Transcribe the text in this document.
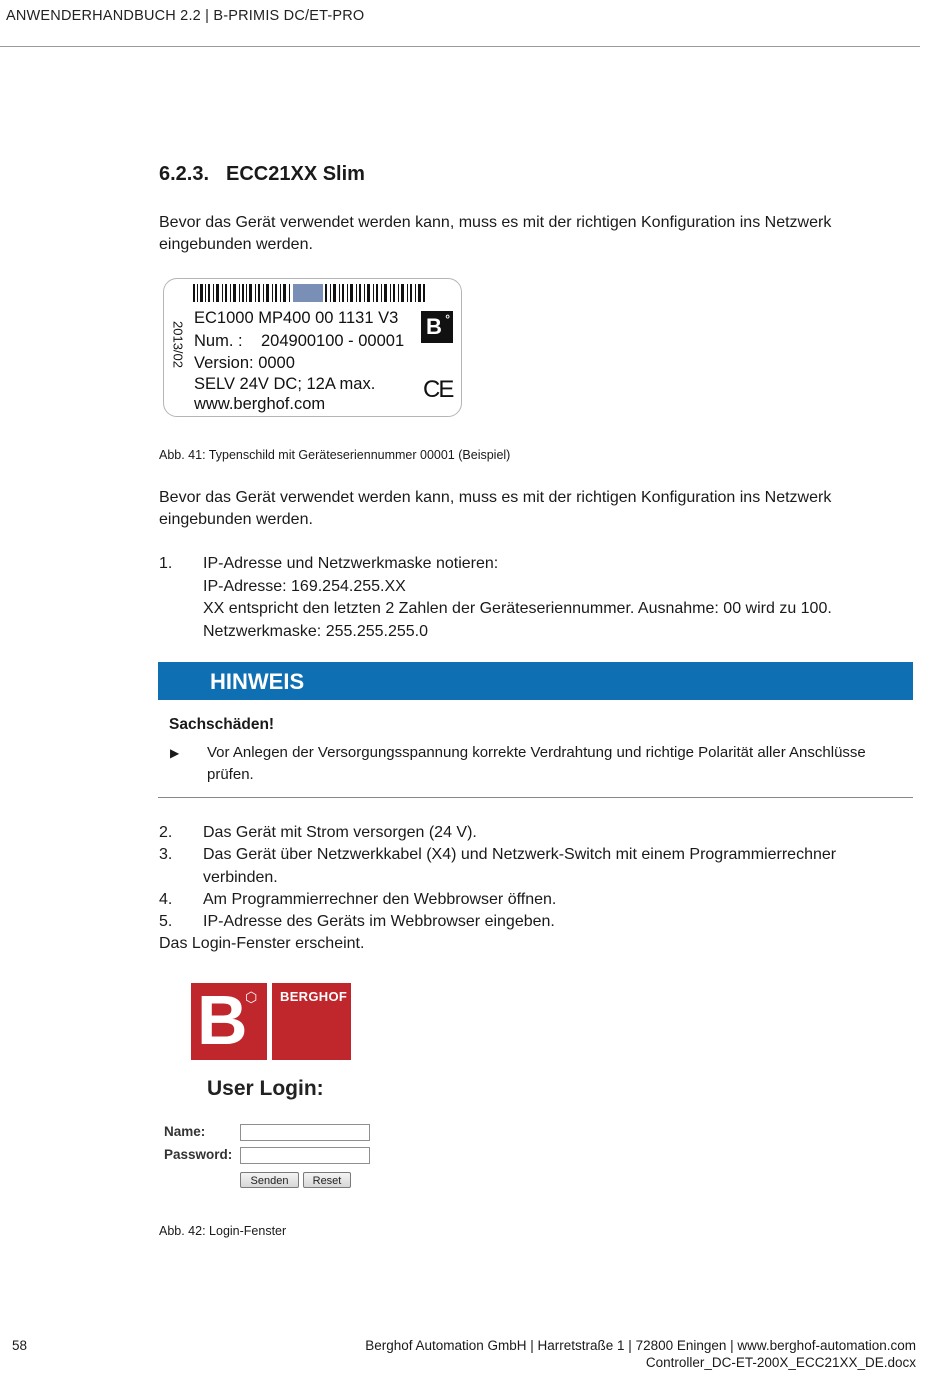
ANWENDERHANDBUCH 2.2 | B-PRIMIS DC/ET-PRO
6.2.3. ECC21XX Slim
Bevor das Gerät verwendet werden kann, muss es mit der richtigen Konfiguration ins Netzwerk eingebunden werden.
2013/02
EC1000 MP400 00 1131 V3
Num. : 204900100 - 00001
Version: 0000
SELV 24V DC; 12A max.
www.berghof.com
B °
CE
Abb. 41: Typenschild mit Geräteseriennummer 00001 (Beispiel)
Bevor das Gerät verwendet werden kann, muss es mit der richtigen Konfiguration ins Netzwerk eingebunden werden.
1. IP-Adresse und Netzwerkmaske notieren:
IP-Adresse: 169.254.255.XX
XX entspricht den letzten 2 Zahlen der Geräteseriennummer. Ausnahme: 00 wird zu 100.
Netzwerkmaske: 255.255.255.0
HINWEIS
Sachschäden!
▶ Vor Anlegen der Versorgungsspannung korrekte Verdrahtung und richtige Polarität aller Anschlüsse prüfen.
2. Das Gerät mit Strom versorgen (24 V).
3. Das Gerät über Netzwerkkabel (X4) und Netzwerk-Switch mit einem Programmierrechner verbinden.
4. Am Programmierrechner den Webbrowser öffnen.
5. IP-Adresse des Geräts im Webbrowser eingeben.
Das Login-Fenster erscheint.
B
⬡ BERGHOF
User Login:
Name:
Password:
Senden	Reset
Abb. 42: Login-Fenster
58	Berghof Automation GmbH | Harretstraße 1 | 72800 Eningen | www.berghof-automation.com
Controller_DC-ET-200X_ECC21XX_DE.docx
